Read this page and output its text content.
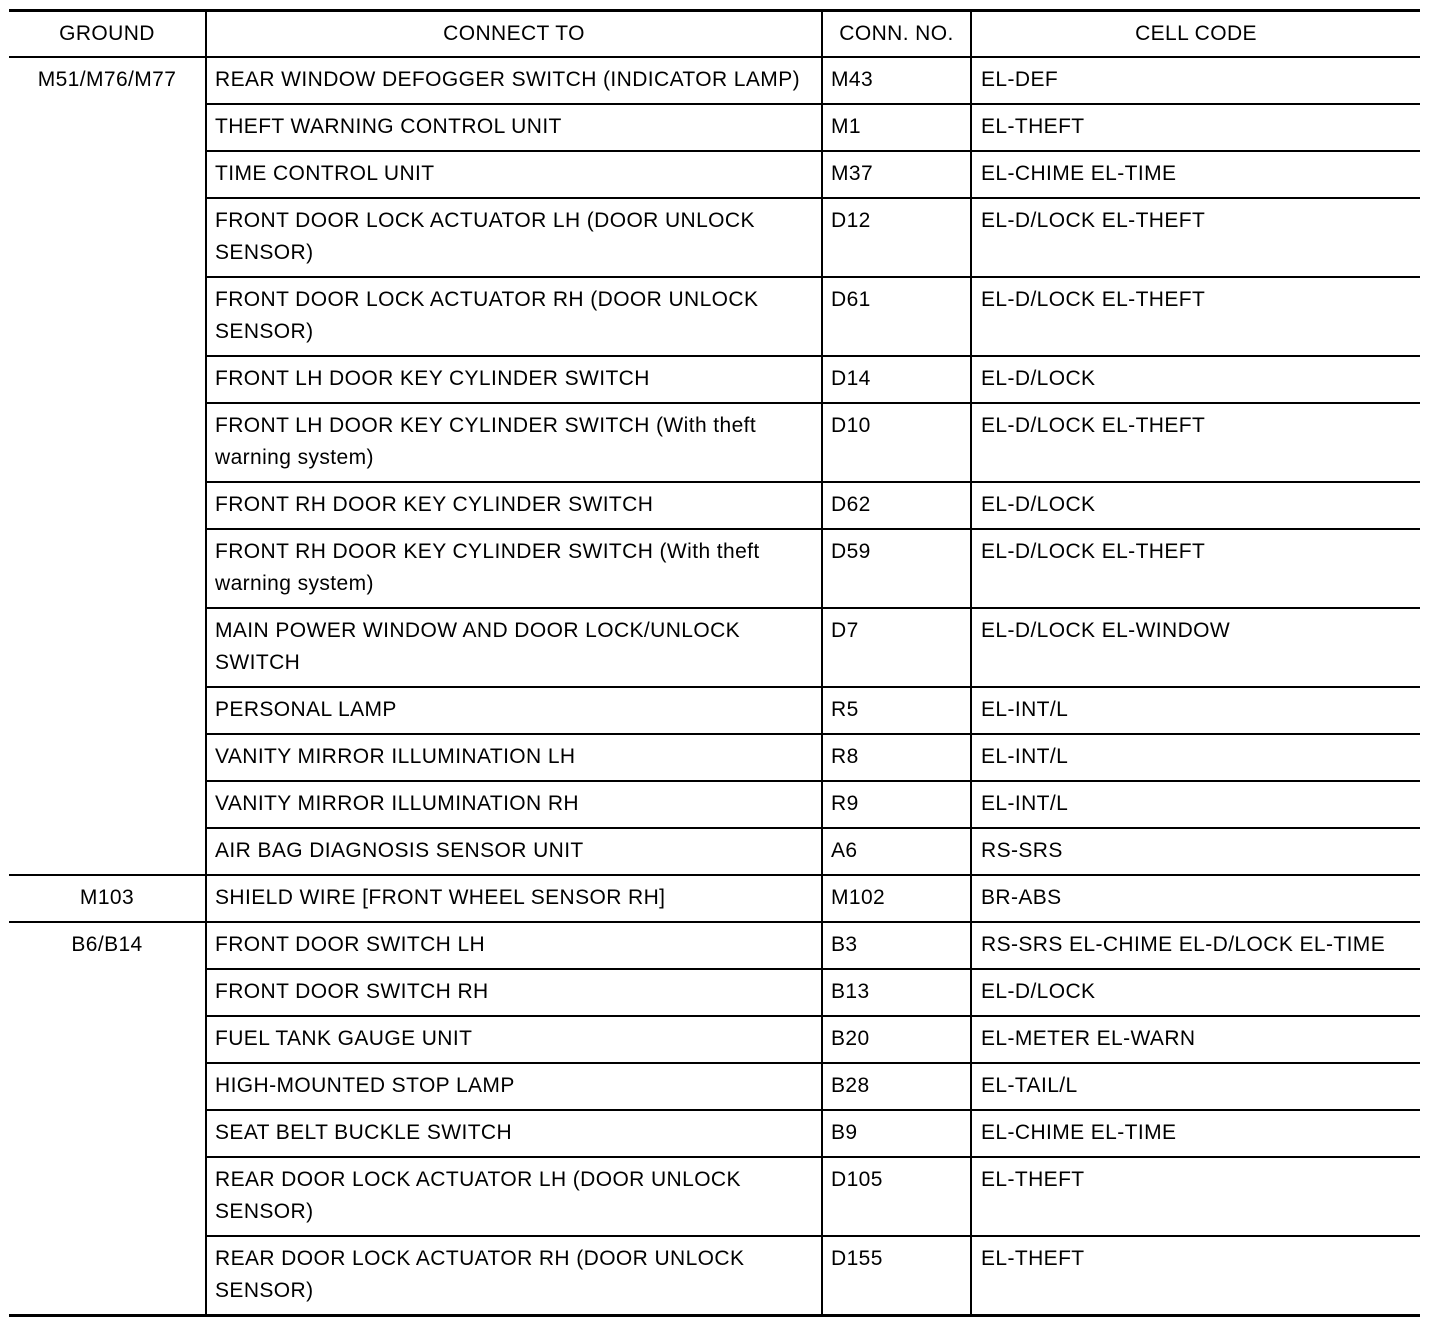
GROUND	CONNECT TO	CONN. NO.	CELL CODE
M51/M76/M77	REAR WINDOW DEFOGGER SWITCH (INDICATOR LAMP)	M43	EL-DEF
	THEFT WARNING CONTROL UNIT	M1	EL-THEFT
	TIME CONTROL UNIT	M37	EL-CHIME EL-TIME
	FRONT DOOR LOCK ACTUATOR LH (DOOR UNLOCK SENSOR)	D12	EL-D/LOCK EL-THEFT
	FRONT DOOR LOCK ACTUATOR RH (DOOR UNLOCK SENSOR)	D61	EL-D/LOCK EL-THEFT
	FRONT LH DOOR KEY CYLINDER SWITCH	D14	EL-D/LOCK
	FRONT LH DOOR KEY CYLINDER SWITCH (With theft warning system)	D10	EL-D/LOCK EL-THEFT
	FRONT RH DOOR KEY CYLINDER SWITCH	D62	EL-D/LOCK
	FRONT RH DOOR KEY CYLINDER SWITCH (With theft warning system)	D59	EL-D/LOCK EL-THEFT
	MAIN POWER WINDOW AND DOOR LOCK/UNLOCK SWITCH	D7	EL-D/LOCK EL-WINDOW
	PERSONAL LAMP	R5	EL-INT/L
	VANITY MIRROR ILLUMINATION LH	R8	EL-INT/L
	VANITY MIRROR ILLUMINATION RH	R9	EL-INT/L
	AIR BAG DIAGNOSIS SENSOR UNIT	A6	RS-SRS
M103	SHIELD WIRE [FRONT WHEEL SENSOR RH]	M102	BR-ABS
B6/B14	FRONT DOOR SWITCH LH	B3	RS-SRS EL-CHIME EL-D/LOCK EL-TIME
	FRONT DOOR SWITCH RH	B13	EL-D/LOCK
	FUEL TANK GAUGE UNIT	B20	EL-METER EL-WARN
	HIGH-MOUNTED STOP LAMP	B28	EL-TAIL/L
	SEAT BELT BUCKLE SWITCH	B9	EL-CHIME EL-TIME
	REAR DOOR LOCK ACTUATOR LH (DOOR UNLOCK SENSOR)	D105	EL-THEFT
	REAR DOOR LOCK ACTUATOR RH (DOOR UNLOCK SENSOR)	D155	EL-THEFT
